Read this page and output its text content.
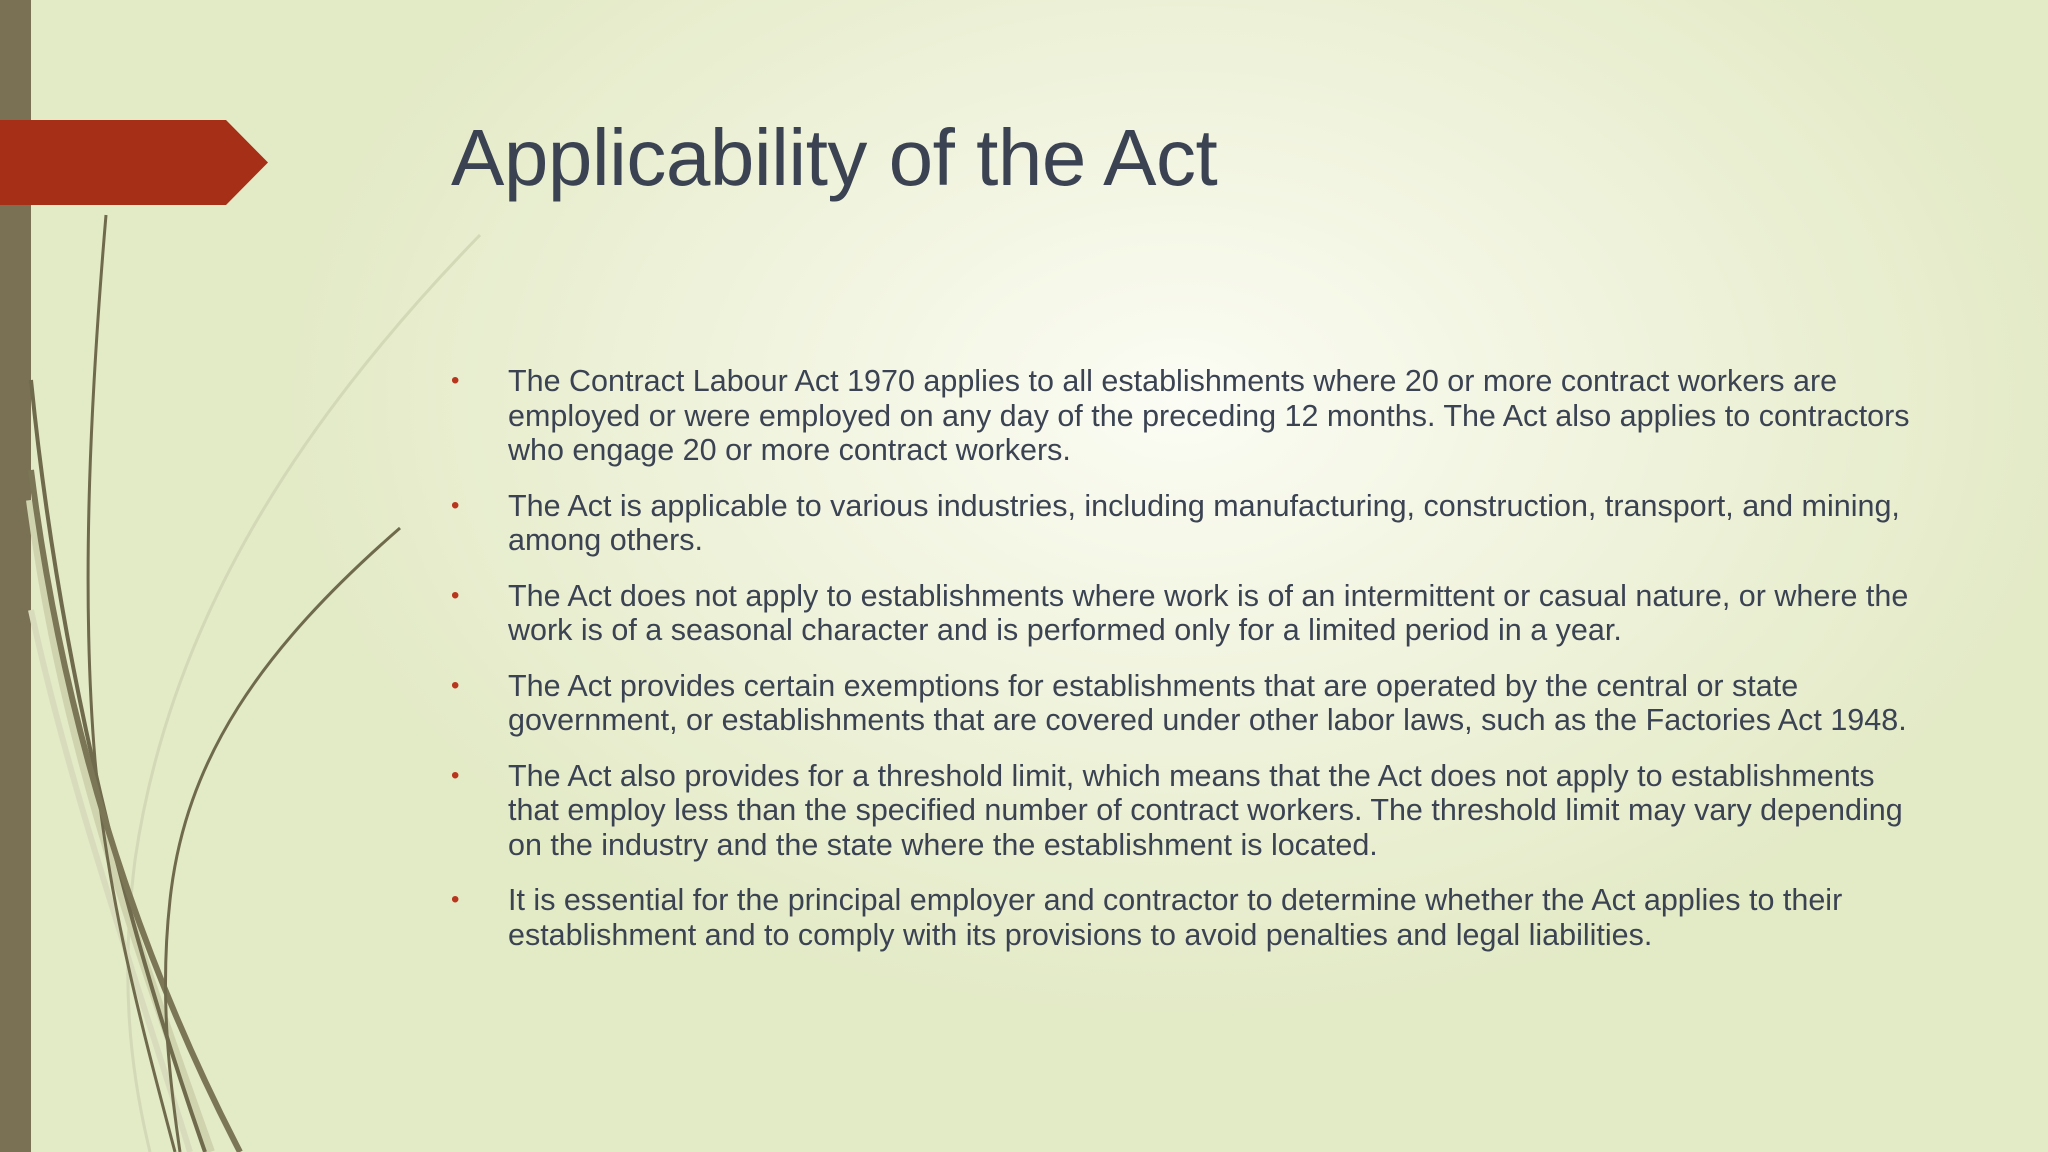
Applicability of the Act
• The Contract Labour Act 1970 applies to all establishments where 20 or more contract workers are employed or were employed on any day of the preceding 12 months. The Act also applies to contractors who engage 20 or more contract workers.
• The Act is applicable to various industries, including manufacturing, construction, transport, and mining, among others.
• The Act does not apply to establishments where work is of an intermittent or casual nature, or where the work is of a seasonal character and is performed only for a limited period in a year.
• The Act provides certain exemptions for establishments that are operated by the central or state government, or establishments that are covered under other labor laws, such as the Factories Act 1948.
• The Act also provides for a threshold limit, which means that the Act does not apply to establishments that employ less than the specified number of contract workers. The threshold limit may vary depending on the industry and the state where the establishment is located.
• It is essential for the principal employer and contractor to determine whether the Act applies to their establishment and to comply with its provisions to avoid penalties and legal liabilities.
